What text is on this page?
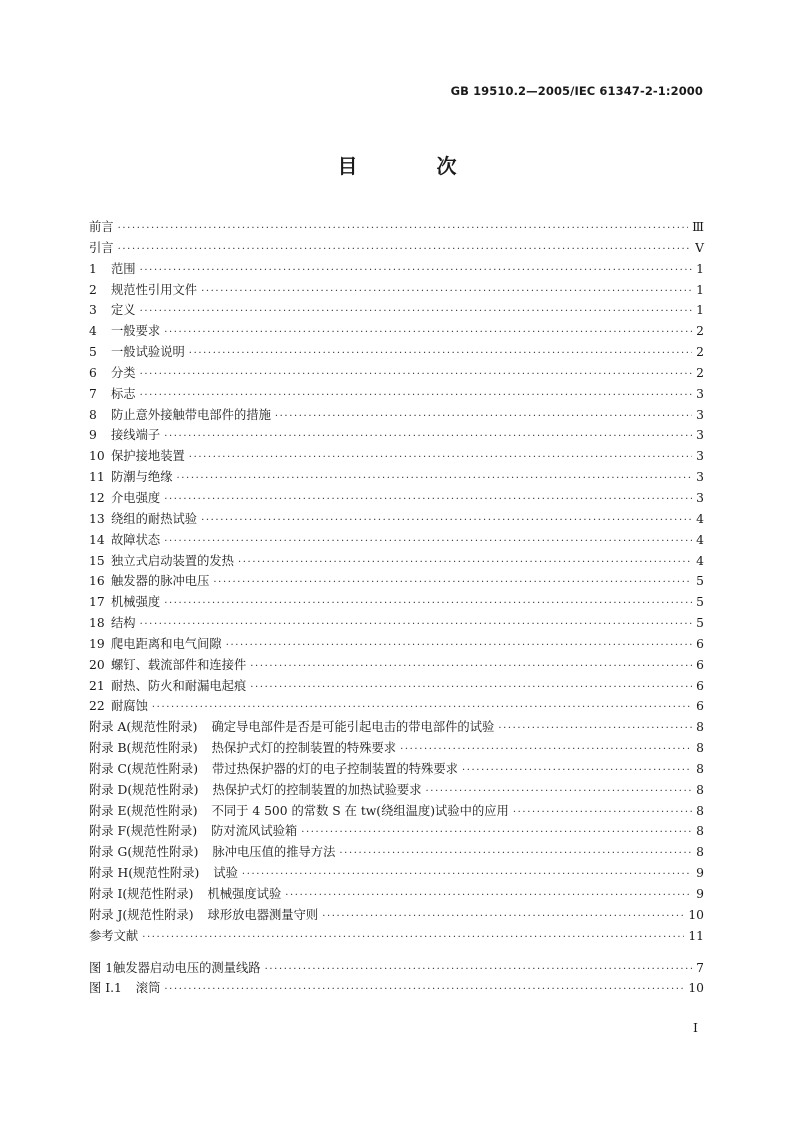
GB 19510.2—2005/IEC 61347-2-1:2000
目 次
前言 ·····	Ⅲ
引言 ·····	Ⅴ
1 范围 ·····	1
2 规范性引用文件 ·····	1
3 定义 ·····	1
4 一般要求 ·····	2
5 一般试验说明 ·····	2
6 分类 ·····	2
7 标志 ·····	3
8 防止意外接触带电部件的措施 ·····	3
9 接线端子 ·····	3
10 保护接地装置 ·····	3
11 防潮与绝缘 ·····	3
12 介电强度 ·····	3
13 绕组的耐热试验 ·····	4
14 故障状态 ·····	4
15 独立式启动装置的发热 ·····	4
16 触发器的脉冲电压 ·····	5
17 机械强度 ·····	5
18 结构 ·····	5
19 爬电距离和电气间隙 ·····	6
20 螺钉、载流部件和连接件 ·····	6
21 耐热、防火和耐漏电起痕 ·····	6
22 耐腐蚀 ·····	6
附录 A(规范性附录) 确定导电部件是否是可能引起电击的带电部件的试验 ·····	8
附录 B(规范性附录) 热保护式灯的控制装置的特殊要求 ·····	8
附录 C(规范性附录) 带过热保护器的灯的电子控制装置的特殊要求 ·····	8
附录 D(规范性附录) 热保护式灯的控制装置的加热试验要求 ·····	8
附录 E(规范性附录) 不同于 4 500 的常数 S 在 tw(绕组温度)试验中的应用 ·····	8
附录 F(规范性附录) 防对流风试验箱 ·····	8
附录 G(规范性附录) 脉冲电压值的推导方法 ·····	8
附录 H(规范性附录) 试验 ·····	9
附录 I(规范性附录) 机械强度试验 ·····	9
附录 J(规范性附录) 球形放电器测量守则 ·····	10
参考文献 ·····	11
图 1触发器启动电压的测量线路 ·····	7
图 I.1 滚筒 ·····	10
I
